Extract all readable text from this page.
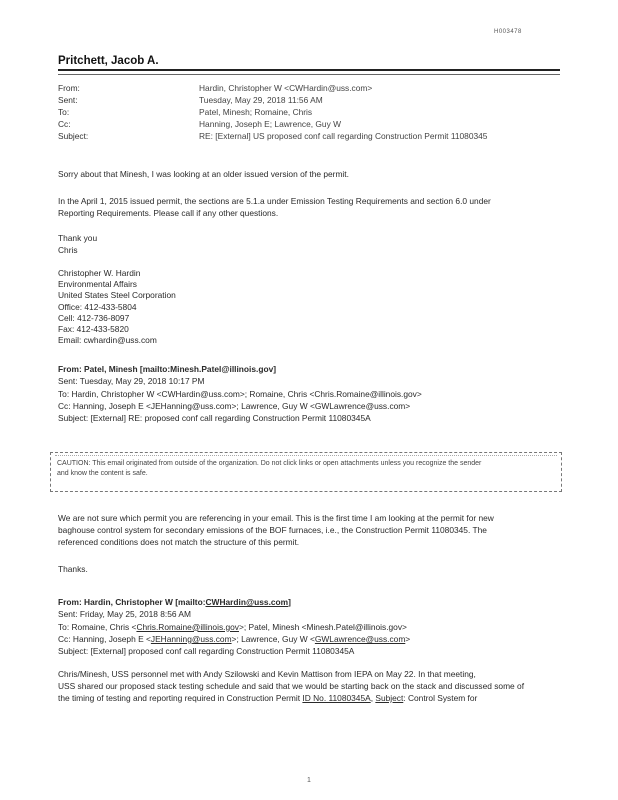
H003478
Pritchett, Jacob A.
From:	Hardin, Christopher W <CWHardin@uss.com>
Sent:	Tuesday, May 29, 2018 11:56 AM
To:	Patel, Minesh; Romaine, Chris
Cc:	Hanning, Joseph E; Lawrence, Guy W
Subject:	RE: [External] US proposed conf call regarding Construction Permit 11080345
Sorry about that Minesh, I was looking at an older issued version of the permit.
In the April 1, 2015 issued permit, the sections are 5.1.a under Emission Testing Requirements and section 6.0 under
Reporting Requirements. Please call if any other questions.
Thank you
Chris
Christopher W. Hardin
Environmental Affairs
United States Steel Corporation
Office: 412-433-5804
Cell: 412-736-8097
Fax: 412-433-5820
Email: cwhardin@uss.com
From: Patel, Minesh [mailto:Minesh.Patel@illinois.gov]
Sent: Tuesday, May 29, 2018 10:17 PM
To: Hardin, Christopher W <CWHardin@uss.com>; Romaine, Chris <Chris.Romaine@illinois.gov>
Cc: Hanning, Joseph E <JEHanning@uss.com>; Lawrence, Guy W <GWLawrence@uss.com>
Subject: [External] RE: proposed conf call regarding Construction Permit 11080345A
CAUTION: This email originated from outside of the organization. Do not click links or open attachments unless you recognize the sender
and know the content is safe.
We are not sure which permit you are referencing in your email. This is the first time I am looking at the permit for new
baghouse control system for secondary emissions of the BOF furnaces, i.e., the Construction Permit 11080345. The
referenced conditions does not match the structure of this permit.
Thanks.
From: Hardin, Christopher W [mailto:CWHardin@uss.com]
Sent: Friday, May 25, 2018 8:56 AM
To: Romaine, Chris <Chris.Romaine@illinois.gov>; Patel, Minesh <Minesh.Patel@illinois.gov>
Cc: Hanning, Joseph E <JEHanning@uss.com>; Lawrence, Guy W <GWLawrence@uss.com>
Subject: [External] proposed conf call regarding Construction Permit 11080345A
Chris/Minesh, USS personnel met with Andy Szilowski and Kevin Mattison from IEPA on May 22. In that meeting,
USS shared our proposed stack testing schedule and said that we would be starting back on the stack and discussed some of
the timing of testing and reporting required in Construction Permit ID No. 11080345A, Subject: Control System for
1
